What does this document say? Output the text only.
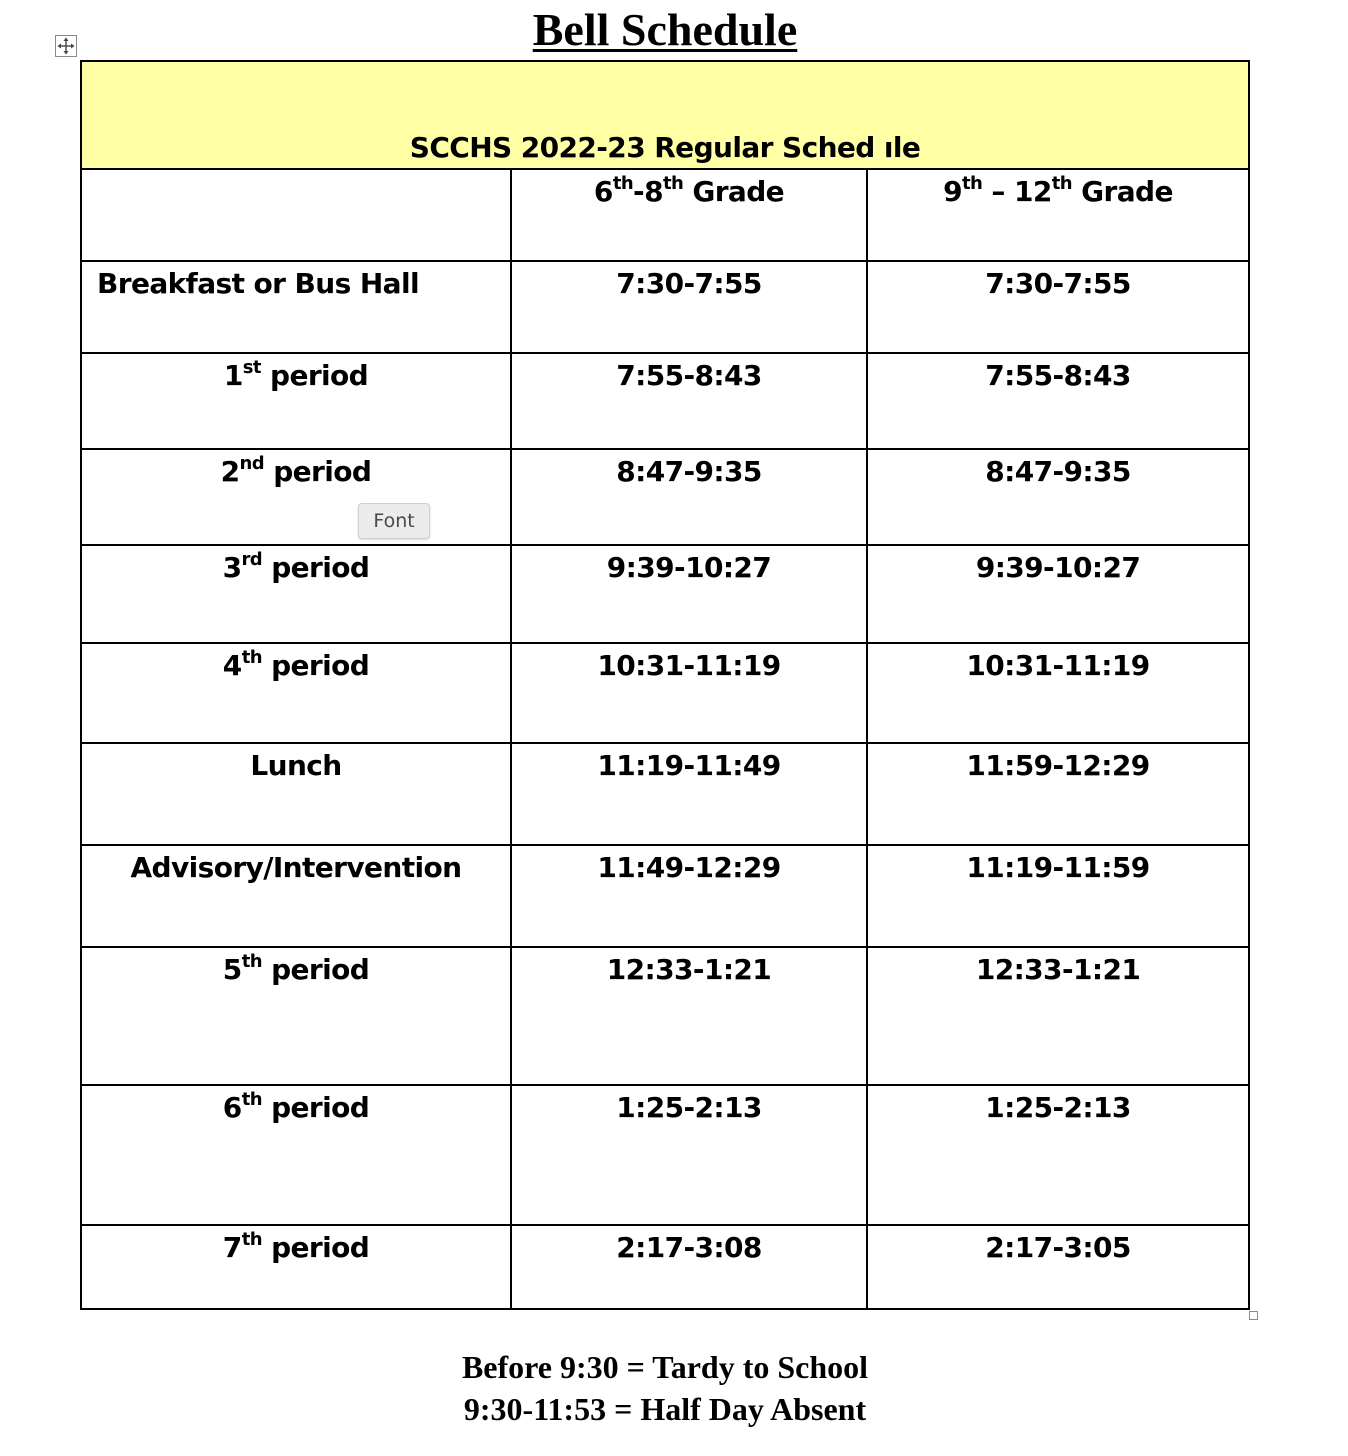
Bell Schedule
SCCHS 2022-23 Regular Sched ıle		

	6th-8th Grade	9th – 12th Grade

Breakfast or Bus Hall	7:30-7:55	7:30-7:55

1st period	7:55-8:43	7:55-8:43

2nd period	8:47-9:35	8:47-9:35

3rd period	9:39-10:27	9:39-10:27

4th period	10:31-11:19	10:31-11:19

Lunch	11:19-11:49	11:59-12:29

Advisory/Intervention	11:49-12:29	11:19-11:59

5th period	12:33-1:21	12:33-1:21

6th period	1:25-2:13	1:25-2:13

7th period	2:17-3:08	2:17-3:05
Font
Before 9:30 = Tardy to School
9:30-11:53 = Half Day Absent
